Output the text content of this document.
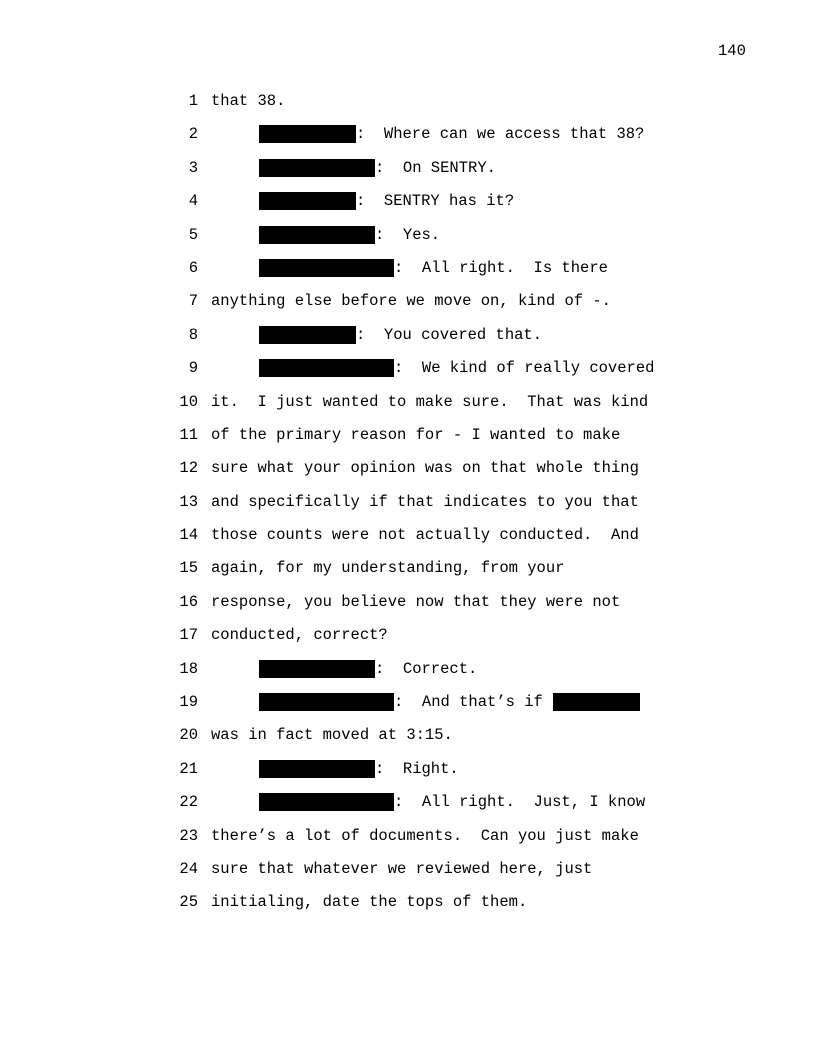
140

1

that 38.

2

	:  Where can we access that 38?

3

	:  On SENTRY.

4

	:  SENTRY has it?

5

	:  Yes.

6

	:  All right.  Is there

7

anything else before we move on, kind of -.

8

	:  You covered that.

9

	:  We kind of really covered

10

it.  I just wanted to make sure.  That was kind

11

of the primary reason for - I wanted to make

12

sure what your opinion was on that whole thing

13

and specifically if that indicates to you that

14

those counts were not actually conducted.  And

15

again, for my understanding, from your

16

response, you believe now that they were not

17

conducted, correct?

18

	:  Correct.

19

	:  And that’s if

20

was in fact moved at 3:15.

21

	:  Right.

22

	:  All right.  Just, I know

23

there’s a lot of documents.  Can you just make

24

sure that whatever we reviewed here, just

25

initialing, date the tops of them.
